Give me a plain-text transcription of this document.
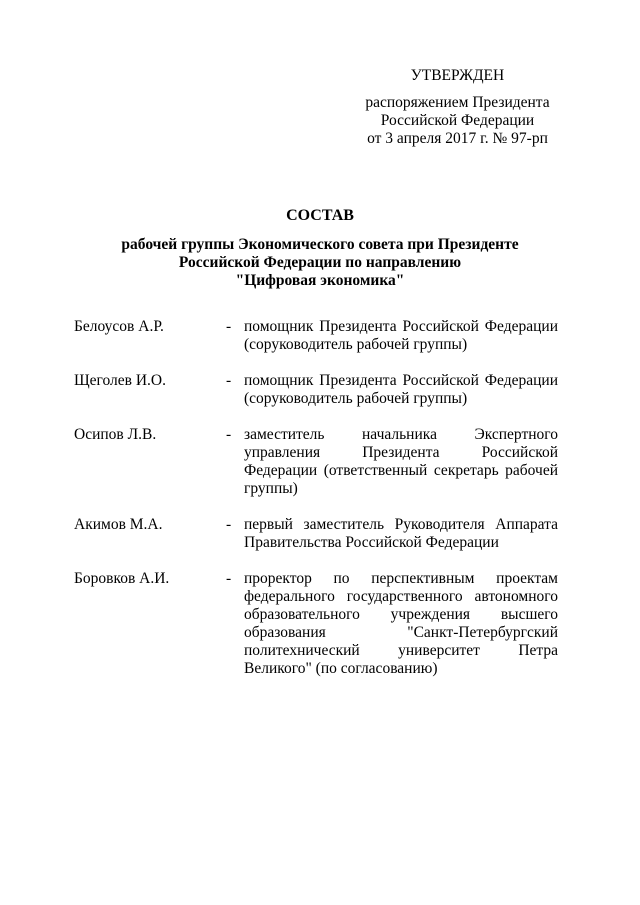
УТВЕРЖДЕН
распоряжением Президента
Российской Федерации
от 3 апреля 2017 г. № 97-рп
СОСТАВ
рабочей группы Экономического совета при Президенте
Российской Федерации по направлению
"Цифровая экономика"
Белоусов А.Р.	- помощник Президента Российской Федерации (соруководитель рабочей группы)
Щеголев И.О.	- помощник Президента Российской Федерации (соруководитель рабочей группы)
Осипов Л.В.	- заместитель начальника Экспертного управления Президента Российской Федерации (ответственный секретарь рабочей группы)
Акимов М.А.	- первый заместитель Руководителя Аппарата Правительства Российской Федерации
Боровков А.И.	- проректор по перспективным проектам федерального государственного автономного образовательного учреждения высшего образования "Санкт-Петербургский политехнический университет Петра Великого" (по согласованию)
